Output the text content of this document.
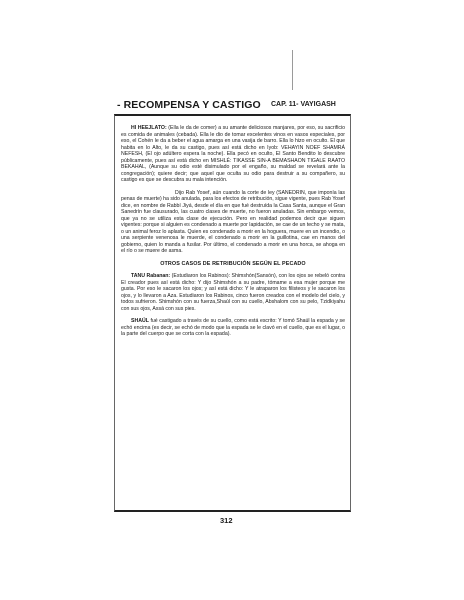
- RECOMPENSA Y CASTIGO CAP. 11- VAYIGASH

HI HEEJLATO: (Ella le da de comer) a su amante deliciosos manjares, por eso, su sacrificio es comida de animales (cebada). Ella le dio de tomar excelentes vinos en vasos especiales, por eso, el Cohén le da a beber el agua amarga en una vasija de barro. Ella lo hizo en oculto. El que habita en lo Alto, le da su castigo, pues así está dicho en Iyob: VEHAYIN NOEF SHAMRÁ NEFESH, (El ojo adúltero espera la noche). Ella pecó en oculto, El Santo Bendito lo descubre públicamente, pues así está dicho en MISHLÉ: TIKASSE SIN-A BEMASHAON TIGALE RAATO BEKAHAL, (Aunque su odio esté disimulado por el engaño, su maldad se revelará ante la congregación); quiere decir; que aquel que oculta su odio para destruir a su compañero, su castigo es que se descubra su mala intención.

Dijo Rab Yosef, aún cuando la corte de ley (SANEDRIN, que imponía las penas de muerte) ha sido anulada, para los efectos de retribución, sigue vigente, pues Rab Yosef dice, en nombre de Rabbí Jiyá, desde el día en que fué destruída la Casa Santa, aunque el Gran Sanedrín fue clausurado, las cuatro clases de muerte, no fueron anuladas. Sin embargo vemos, que ya no se utiliza esta clase de ejecución. Pero en realidad podemos decir que siguen vigentes: porque si alguien es condenado a muerte por lapidación, se cae de un techo y se mata, o un animal feroz lo aplasta. Quien es condenado a morir en la hoguera, muere en un incendio, o una serpiente venenosa le muerde, el condenado a morir en la guillotina, cae en manos del gobierno, quien lo manda a fusilar. Por último, el condenado a morir en una horca, se ahoga en el río o se muere de asma.

OTROS CASOS DE RETRIBUCIÓN SEGÚN EL PECADO

TANU Rabanan: (Estudiaron los Rabinos): Shimshón(Sansón), con los ojos se rebeló contra El creador pues así está dicho: Y dijo Shimshón a su padre, tómame a esa mujer porque me gusta. Por eso le sacaron los ojos; y así está dicho: Y le atraparon los filisteos y le sacaron los ojos, y lo llevaron a Aza. Estudiaron los Rabinos, cinco fueron creados con el modelo del cielo, y todos sufrieron. Shimshón con su fuerza,Shaúl con su cuello, Abshalom con su pelo, Tzidkiyahu con sus ojos, Assá con sus pies.

SHAÚL fué castigado a través de su cuello, como está escrito: Y tomó Shaúl la espada y se echó encima (es decir, se echó de modo que la espada se le clavó en el cuello, que es el lugar, o la parte del cuerpo que se corta con la espada).

312
